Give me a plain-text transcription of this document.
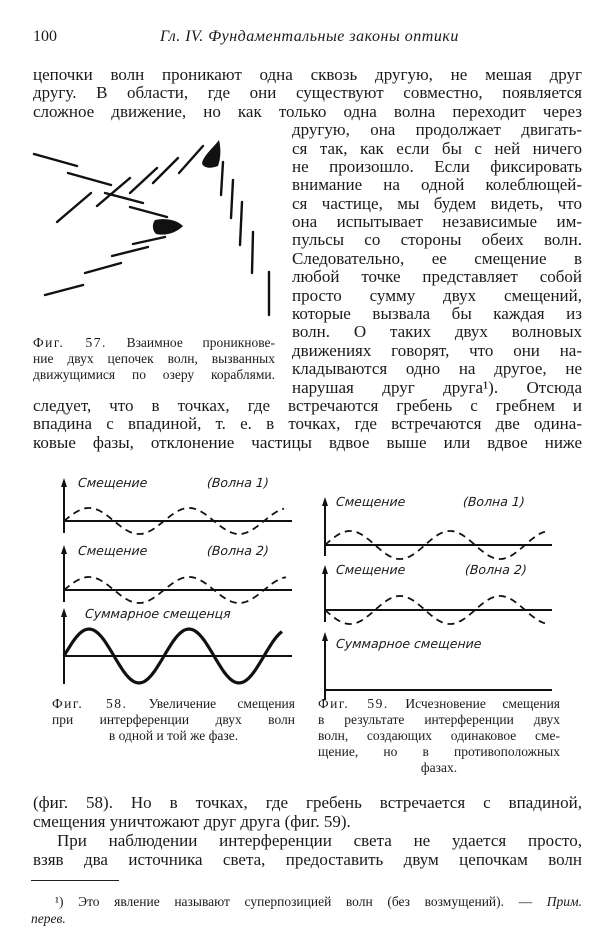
100	Гл. IV. Фундаментальные законы оптики
цепочки волн проникают одна сквозь другую, не мешая друг
другу. В области, где они существуют совместно, появляется
сложное движение, но как только одна волна переходит через
другую, она продолжает двигать-
ся так, как если бы с ней ничего
не произошло. Если фиксировать
внимание на одной колеблющей-
ся частице, мы будем видеть, что
она испытывает независимые им-
пульсы со стороны обеих волн.
Следовательно, ее смещение в
любой точке представляет собой
просто сумму двух смещений,
которые вызвала бы каждая из
волн. О таких двух волновых
движениях говорят, что они на-
кладываются одно на другое, не
нарушая друг друга¹). Отсюда
следует, что в точках, где встречаются гребень с гребнем и
впадина с впадиной, т. е. в точках, где встречаются две одина-
ковые фазы, отклонение частицы вдвое выше или вдвое ниже
Фиг. 57. Взаимное проникнове-
ние двух цепочек волн, вызванных
движущимися по озеру кораблями.
Смещение	(Волна 1)
Смещение	(Волна 2)
Суммарное смещенця
Смещение	(Волна 1)
Смещение	(Волна 2)
Суммарное смещение
Фиг. 58. Увеличение смещения
при интерференции двух волн
в одной и той же фазе.
Фиг. 59. Исчезновение смещения
в результате интерференции двух
волн, создающих одинаковое сме-
щение, но в противоположных
фазах.
(фиг. 58). Но в точках, где гребень встречается с впадиной,
смещения уничтожают друг друга (фиг. 59).
При наблюдении интерференции света не удается просто,
взяв два источника света, предоставить двум цепочкам волн
¹) Это явление называют суперпозицией волн (без возмущений). — Прим.
перев.
